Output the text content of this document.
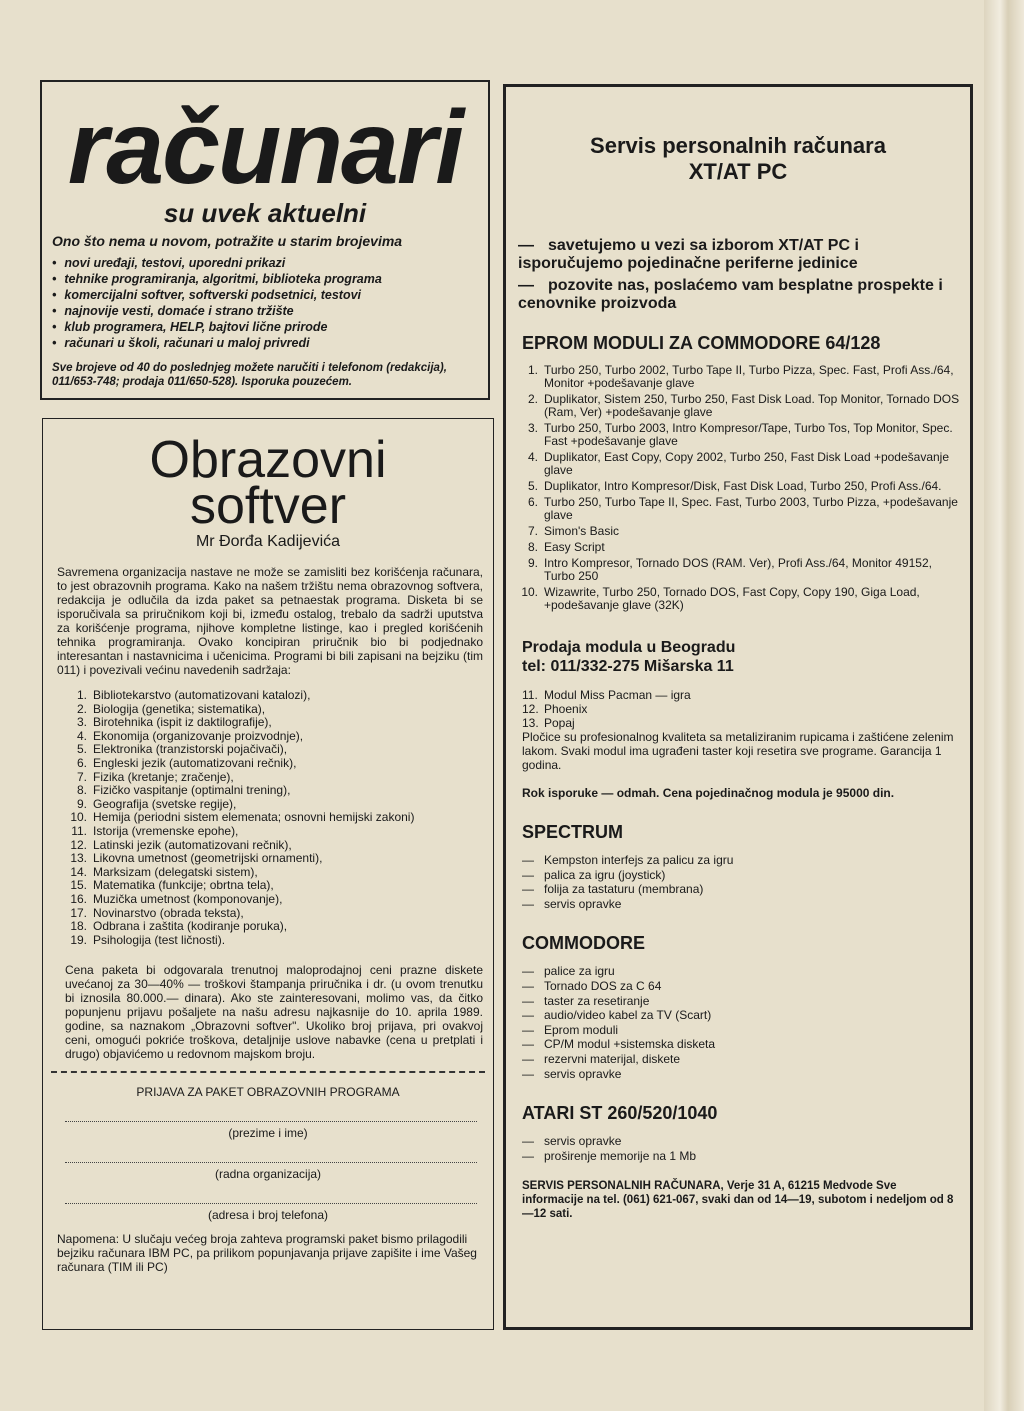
računari
su uvek aktuelni
Ono što nema u novom, potražite u starim brojevima
• novi uređaji, testovi, uporedni prikazi
• tehnike programiranja, algoritmi, biblioteka programa
• komercijalni softver, softverski podsetnici, testovi
• najnovije vesti, domaće i strano tržište
• klub programera, HELP, bajtovi lične prirode
• računari u školi, računari u maloj privredi
Sve brojeve od 40 do poslednjeg možete naručiti i telefonom (redakcija), 011/653-748; prodaja 011/650-528). Isporuka pouzećem.
Obrazovni
softver
Mr Đorđa Kadijevića
Savremena organizacija nastave ne može se zamisliti bez korišćenja računara, to jest obrazovnih programa. Kako na našem tržištu nema obrazovnog softvera, redakcija je odlučila da izda paket sa petnaestak programa. Disketa bi se isporučivala sa priručnikom koji bi, između ostalog, trebalo da sadrži uputstva za korišćenje programa, njihove kompletne listinge, kao i pregled korišćenih tehnika programiranja. Ovako koncipiran priručnik bio bi podjednako interesantan i nastavnicima i učenicima. Programi bi bili zapisani na bejziku (tim 011) i povezivali većinu navedenih sadržaja:
1. Bibliotekarstvo (automatizovani katalozi),
2. Biologija (genetika; sistematika),
3. Birotehnika (ispit iz daktilografije),
4. Ekonomija (organizovanje proizvodnje),
5. Elektronika (tranzistorski pojačivači),
6. Engleski jezik (automatizovani rečnik),
7. Fizika (kretanje; zračenje),
8. Fizičko vaspitanje (optimalni trening),
9. Geografija (svetske regije),
10. Hemija (periodni sistem elemenata; osnovni hemijski zakoni)
11. Istorija (vremenske epohe),
12. Latinski jezik (automatizovani rečnik),
13. Likovna umetnost (geometrijski ornamenti),
14. Marksizam (delegatski sistem),
15. Matematika (funkcije; obrtna tela),
16. Muzička umetnost (komponovanje),
17. Novinarstvo (obrada teksta),
18. Odbrana i zaštita (kodiranje poruka),
19. Psihologija (test ličnosti).
Cena paketa bi odgovarala trenutnoj maloprodajnoj ceni prazne diskete uvećanoj za 30—40% — troškovi štampanja priručnika i dr. (u ovom trenutku bi iznosila 80.000.— dinara). Ako ste zainteresovani, molimo vas, da čitko popunjenu prijavu pošaljete na našu adresu najkasnije do 10. aprila 1989. godine, sa naznakom „Obrazovni softver". Ukoliko broj prijava, pri ovakvoj ceni, omogući pokriće troškova, detaljnije uslove nabavke (cena u pretplati i drugo) objavićemo u redovnom majskom broju.
PRIJAVA ZA PAKET OBRAZOVNIH PROGRAMA
(prezime i ime)
(radna organizacija)
(adresa i broj telefona)
Napomena: U slučaju većeg broja zahteva programski paket bismo prilagodili bejziku računara IBM PC, pa prilikom popunjavanja prijave zapišite i ime Vašeg računara (TIM ili PC)
Servis personalnih računara
XT/AT PC
— savetujemo u vezi sa izborom XT/AT PC i isporučujemo pojedinačne periferne jedinice
— pozovite nas, poslaćemo vam besplatne prospekte i cenovnike proizvoda
EPROM MODULI ZA COMMODORE 64/128
1. Turbo 250, Turbo 2002, Turbo Tape II, Turbo Pizza, Spec. Fast, Profi Ass./64, Monitor +podešavanje glave
2. Duplikator, Sistem 250, Turbo 250, Fast Disk Load. Top Monitor, Tornado DOS (Ram, Ver) +podešavanje glave
3. Turbo 250, Turbo 2003, Intro Kompresor/Tape, Turbo Tos, Top Monitor, Spec. Fast +podešavanje glave
4. Duplikator, East Copy, Copy 2002, Turbo 250, Fast Disk Load +podešavanje glave
5. Duplikator, Intro Kompresor/Disk, Fast Disk Load, Turbo 250, Profi Ass./64.
6. Turbo 250, Turbo Tape II, Spec. Fast, Turbo 2003, Turbo Pizza, +podešavanje glave
7. Simon's Basic
8. Easy Script
9. Intro Kompresor, Tornado DOS (RAM. Ver), Profi Ass./64, Monitor 49152, Turbo 250
10. Wizawrite, Turbo 250, Tornado DOS, Fast Copy, Copy 190, Giga Load, +podešavanje glave (32K)
Prodaja modula u Beogradu
tel: 011/332-275 Mišarska 11
11. Modul Miss Pacman — igra
12. Phoenix
13. Popaj
Pločice su profesionalnog kvaliteta sa metaliziranim rupicama i zaštićene zelenim lakom. Svaki modul ima ugrađeni taster koji resetira sve programe. Garancija 1 godina.
Rok isporuke — odmah. Cena pojedinačnog modula je 95000 din.
SPECTRUM
— Kempston interfejs za palicu za igru
— palica za igru (joystick)
— folija za tastaturu (membrana)
— servis opravke
COMMODORE
— palice za igru
— Tornado DOS za C 64
— taster za resetiranje
— audio/video kabel za TV (Scart)
— Eprom moduli
— CP/M modul +sistemska disketa
— rezervni materijal, diskete
— servis opravke
ATARI ST 260/520/1040
— servis opravke
— proširenje memorije na 1 Mb
SERVIS PERSONALNIH RAČUNARA, Verje 31 A, 61215 Medvode Sve informacije na tel. (061) 621-067, svaki dan od 14—19, subotom i nedeljom od 8—12 sati.
